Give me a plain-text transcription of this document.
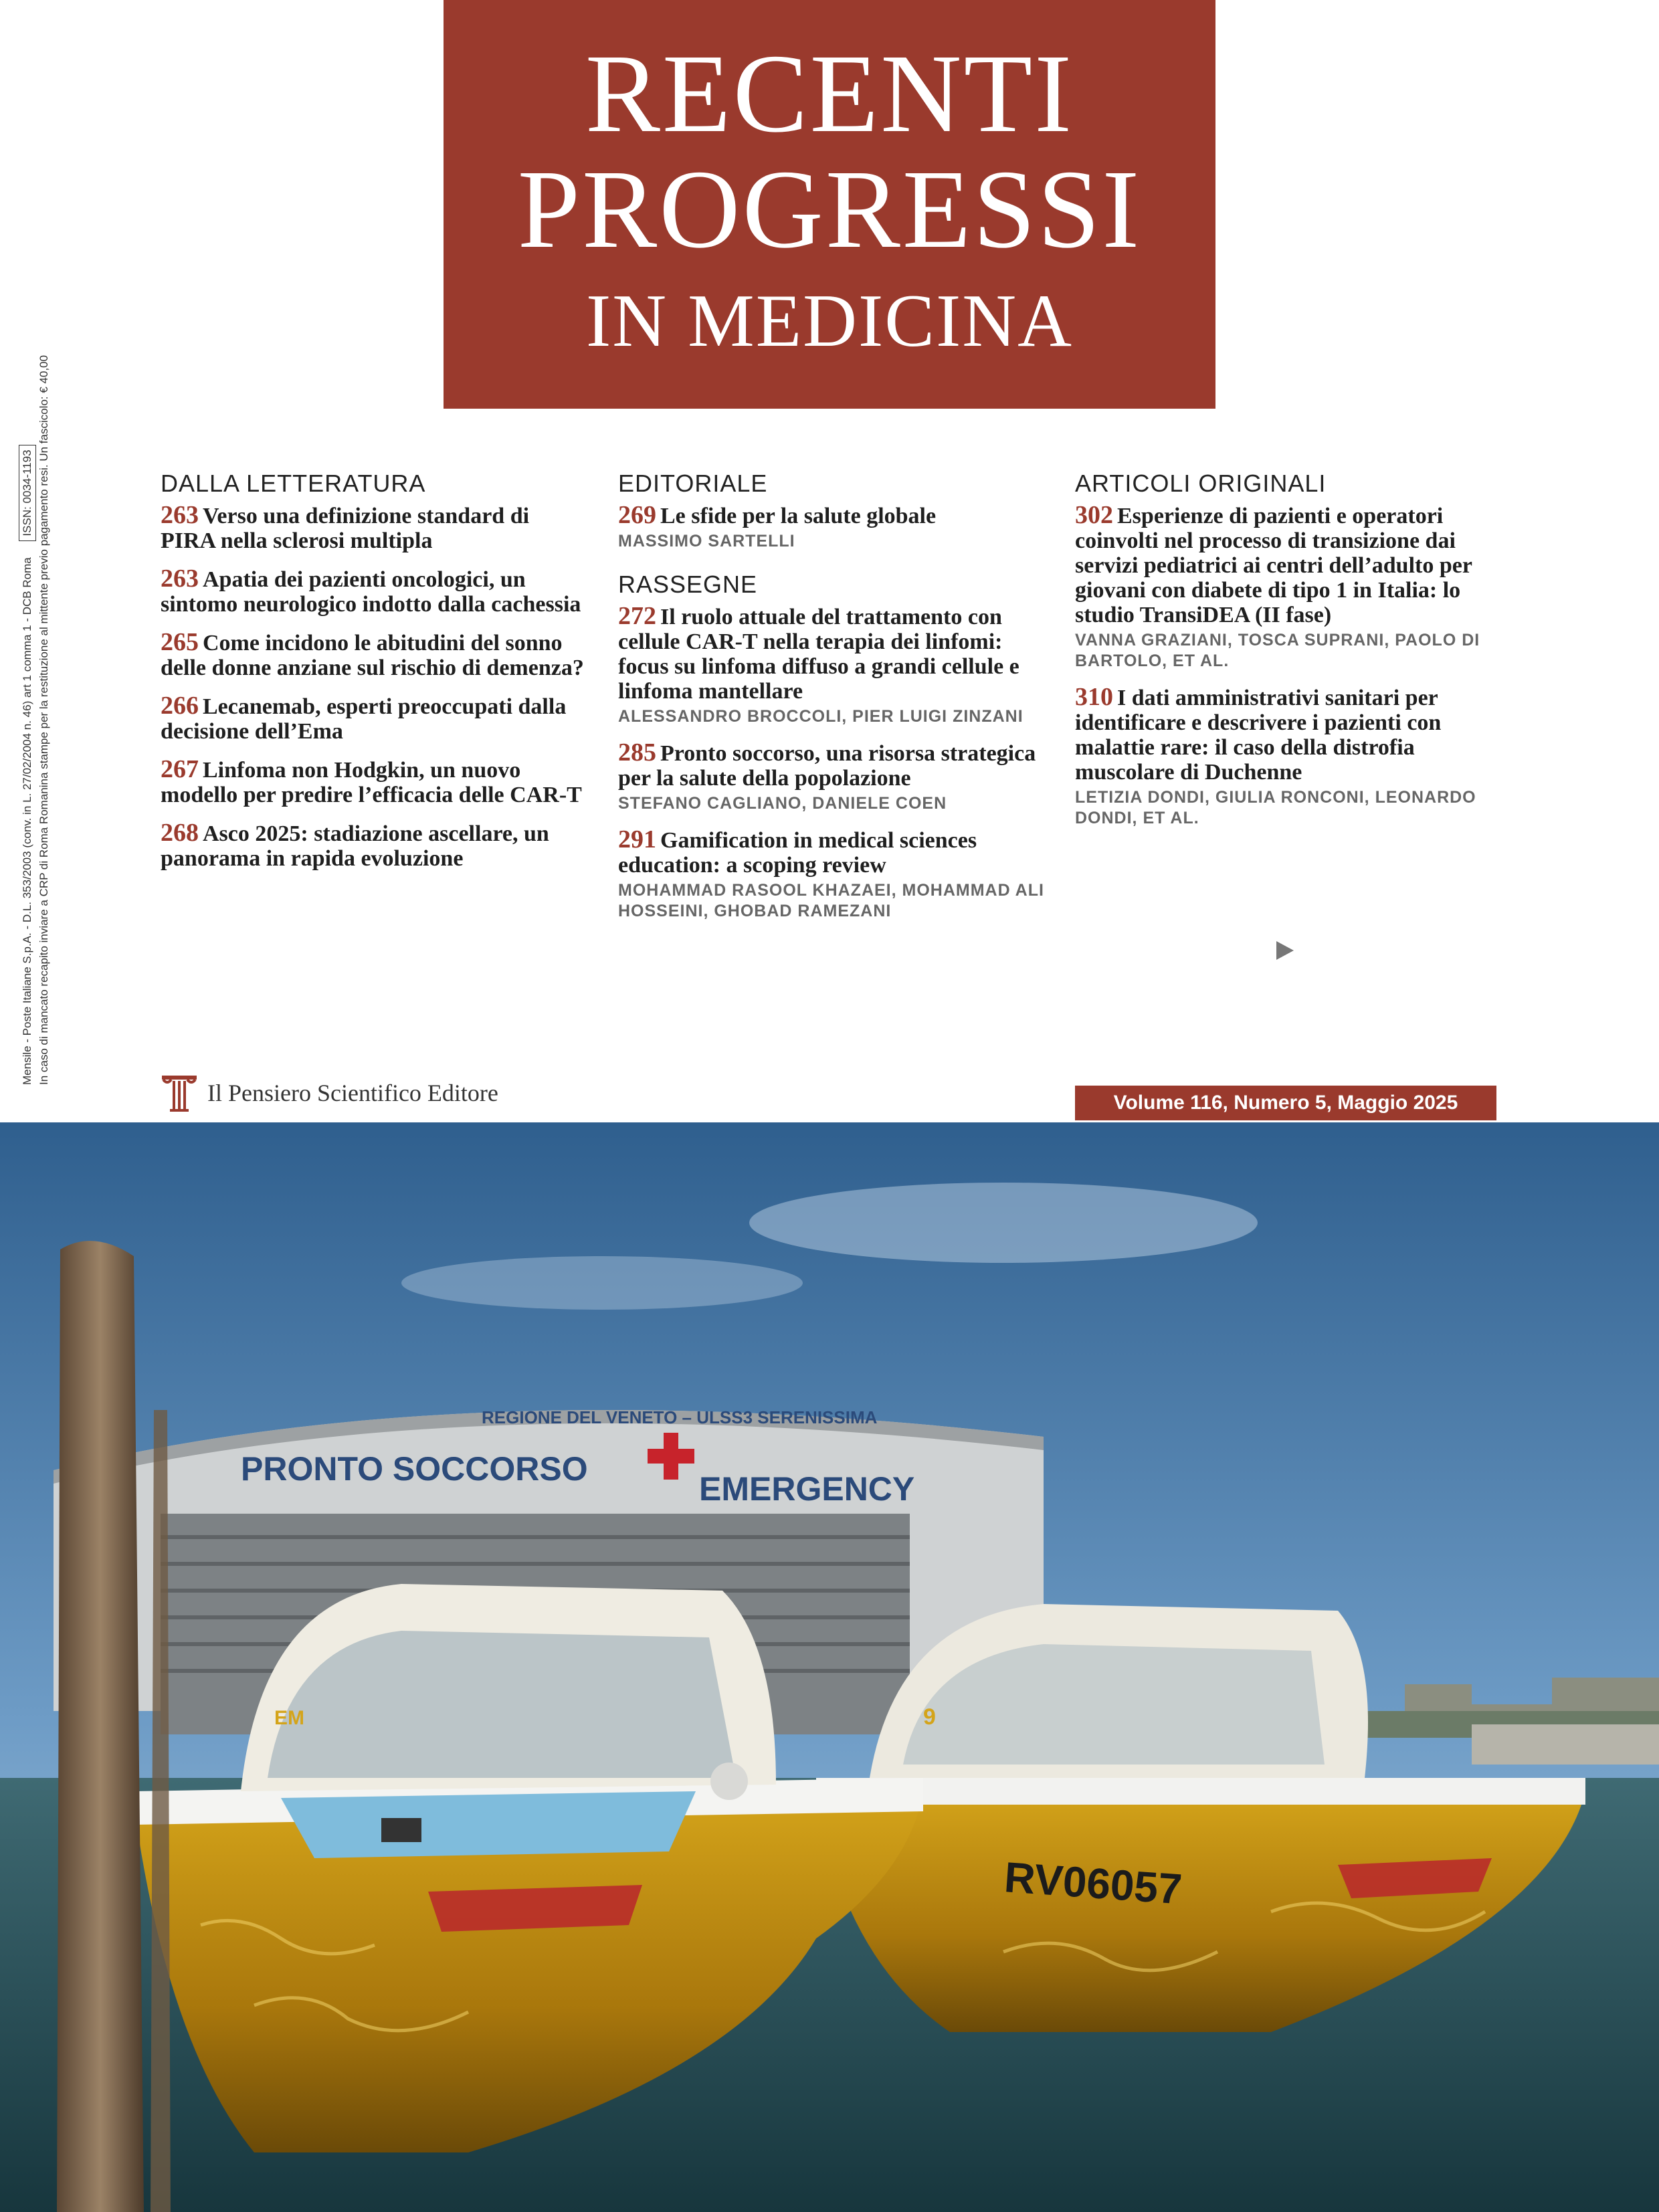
RECENTI
PROGRESSI
IN MEDICINA
Mensile - Poste Italiane S.p.A. - D.L. 353/2003 (conv. in L. 27/02/2004 n. 46) art 1 comma 1 - DCB Roma ISSN: 0034-1193 In caso di mancato recapito inviare a CRP di Roma Romanina stampe per la restituzione al mittente previo pagamento resi. Un fascicolo: € 40,00	DALLA LETTERATURA
263 Verso una definizione standard di PIRA nella sclerosi multipla
263 Apatia dei pazienti oncologici, un sintomo neurologico indotto dalla cachessia
265 Come incidono le abitudini del sonno delle donne anziane sul rischio di demenza?
266 Lecanemab, esperti preoccupati dalla decisione dell’Ema
267 Linfoma non Hodgkin, un nuovo modello per predire l’efficacia delle CAR-T
268 Asco 2025: stadiazione ascellare, un panorama in rapida evoluzione
EDITORIALE
269 Le sfide per la salute globale
MASSIMO SARTELLI
RASSEGNE
272 Il ruolo attuale del trattamento con cellule CAR-T nella terapia dei linfomi: focus su linfoma diffuso a grandi cellule e linfoma mantellare
ALESSANDRO BROCCOLI, PIER LUIGI ZINZANI
285 Pronto soccorso, una risorsa strategica per la salute della popolazione
STEFANO CAGLIANO, DANIELE COEN
291 Gamification in medical sciences education: a scoping review
MOHAMMAD RASOOL KHAZAEI, MOHAMMAD ALI HOSSEINI, GHOBAD RAMEZANI
ARTICOLI ORIGINALI
302 Esperienze di pazienti e operatori coinvolti nel processo di transizione dai servizi pediatrici ai centri dell’adulto per giovani con diabete di tipo 1 in Italia: lo studio TransiDEA (II fase)
VANNA GRAZIANI, TOSCA SUPRANI, PAOLO DI BARTOLO, ET AL.
310 I dati amministrativi sanitari per identificare e descrivere i pazienti con malattie rare: il caso della distrofia muscolare di Duchenne
LETIZIA DONDI, GIULIA RONCONI, LEONARDO DONDI, ET AL.
Il Pensiero Scientifico Editore	Volume 116, Numero 5, Maggio 2025
REGIONE DEL VENETO – ULSS3 SERENISSIMA
PRONTO SOCCORSO
EMERGENCY
RV06057
9
EM
